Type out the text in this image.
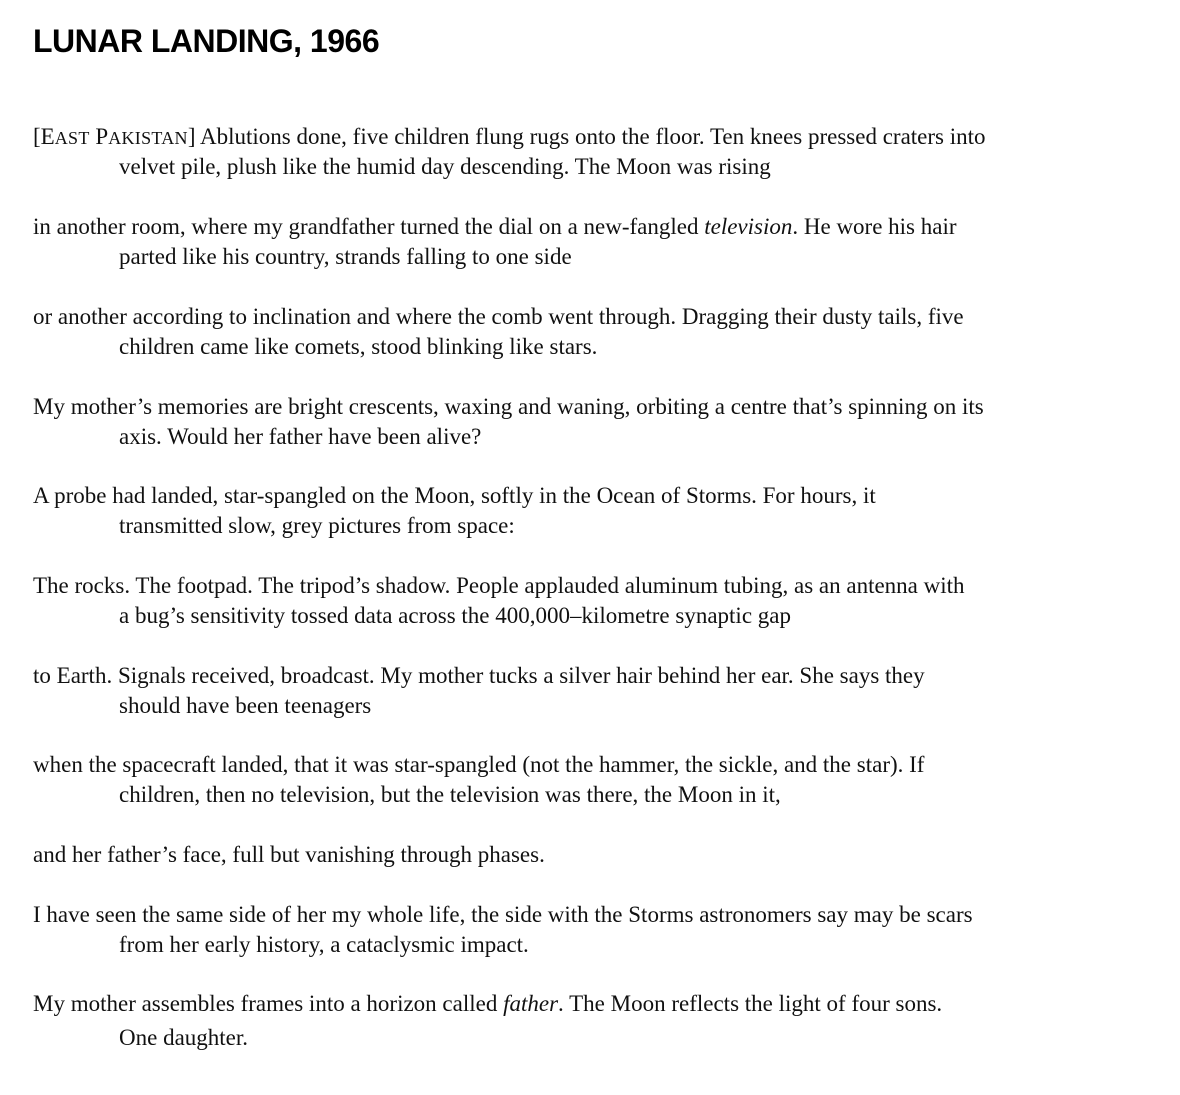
LUNAR LANDING, 1966
[EAST PAKISTAN] Ablutions done, five children flung rugs onto the floor. Ten knees pressed craters into
velvet pile, plush like the humid day descending. The Moon was rising
in another room, where my grandfather turned the dial on a new-fangled television. He wore his hair
parted like his country, strands falling to one side
or another according to inclination and where the comb went through. Dragging their dusty tails, five
children came like comets, stood blinking like stars.
My mother’s memories are bright crescents, waxing and waning, orbiting a centre that’s spinning on its
axis. Would her father have been alive?
A probe had landed, star-spangled on the Moon, softly in the Ocean of Storms. For hours, it
transmitted slow, grey pictures from space:
The rocks. The footpad. The tripod’s shadow. People applauded aluminum tubing, as an antenna with
a bug’s sensitivity tossed data across the 400,000–kilometre synaptic gap
to Earth. Signals received, broadcast. My mother tucks a silver hair behind her ear. She says they
should have been teenagers
when the spacecraft landed, that it was star-spangled (not the hammer, the sickle, and the star). If
children, then no television, but the television was there, the Moon in it,
and her father’s face, full but vanishing through phases.
I have seen the same side of her my whole life, the side with the Storms astronomers say may be scars
from her early history, a cataclysmic impact.
My mother assembles frames into a horizon called father. The Moon reflects the light of four sons.
One daughter.
